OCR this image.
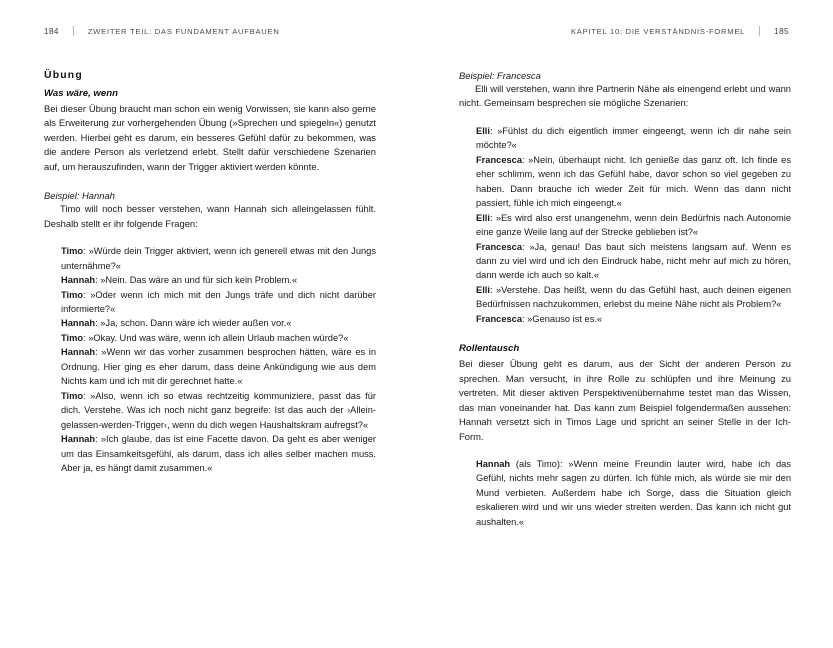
184	ZWEITER TEIL: DAS FUNDAMENT AUFBAUEN	KAPITEL 10: DIE VERSTÄNDNIS-FORMEL	185
Übung
Was wäre, wenn

Bei dieser Übung braucht man schon ein wenig Vorwissen, sie kann also gerne als Erweiterung zur vorhergehenden Übung (»Sprechen und spiegeln«) genutzt werden. Hierbei geht es darum, ein besseres Gefühl dafür zu bekommen, was die andere Person als verletzend erlebt. Stellt dafür verschiedene Szenarien auf, um herauszufinden, wann der Trigger aktiviert werden könnte.

Beispiel: Hannah

Timo will noch besser verstehen, wann Hannah sich alleingelassen fühlt. Deshalb stellt er ihr folgende Fragen:

Timo: »Würde dein Trigger aktiviert, wenn ich generell etwas mit den Jungs unternähme?«

Hannah: »Nein. Das wäre an und für sich kein Problem.«

Timo: »Oder wenn ich mich mit den Jungs träfe und dich nicht darüber informierte?«

Hannah: »Ja, schon. Dann wäre ich wieder außen vor.«

Timo: »Okay. Und was wäre, wenn ich allein Urlaub machen würde?«

Hannah: »Wenn wir das vorher zusammen besprochen hätten, wäre es in Ordnung. Hier ging es eher darum, dass deine Ankündigung wie aus dem Nichts kam und ich mit dir gerechnet hatte.«

Timo: »Also, wenn ich so etwas rechtzeitig kommuniziere, passt das für dich. Verstehe. Was ich noch nicht ganz begreife: Ist das auch der ›Allein-gelassen-werden-Trigger‹, wenn du dich wegen Haushaltskram aufregst?«

Hannah: »Ich glaube, das ist eine Facette davon. Da geht es aber weniger um das Einsamkeitsgefühl, als darum, dass ich alles selber machen muss. Aber ja, es hängt damit zusammen.«

Beispiel: Francesca

Elli will verstehen, wann ihre Partnerin Nähe als einengend erlebt und wann nicht. Gemeinsam besprechen sie mögliche Szenarien:

Elli: »Fühlst du dich eigentlich immer eingeengt, wenn ich dir nahe sein möchte?«

Francesca: »Nein, überhaupt nicht. Ich genieße das ganz oft. Ich finde es eher schlimm, wenn ich das Gefühl habe, davor schon so viel gegeben zu haben. Dann brauche ich wieder Zeit für mich. Wenn das dann nicht passiert, fühle ich mich eingeengt.«

Elli: »Es wird also erst unangenehm, wenn dein Bedürfnis nach Autonomie eine ganze Weile lang auf der Strecke geblieben ist?«

Francesca: »Ja, genau! Das baut sich meistens langsam auf. Wenn es dann zu viel wird und ich den Eindruck habe, nicht mehr auf mich zu hören, dann werde ich auch so kalt.«

Elli: »Verstehe. Das heißt, wenn du das Gefühl hast, auch deinen eigenen Bedürfnissen nachzukommen, erlebst du meine Nähe nicht als Problem?«

Francesca: »Genauso ist es.«

Rollentausch

Bei dieser Übung geht es darum, aus der Sicht der anderen Person zu sprechen. Man versucht, in ihre Rolle zu schlüpfen und ihre Meinung zu vertreten. Mit dieser aktiven Perspektivenübernahme testet man das Wissen, das man voneinander hat. Das kann zum Beispiel folgendermaßen aussehen: Hannah versetzt sich in Timos Lage und spricht an seiner Stelle in der Ich-Form.

Hannah (als Timo): »Wenn meine Freundin lauter wird, habe ich das Gefühl, nichts mehr sagen zu dürfen. Ich fühle mich, als würde sie mir den Mund verbieten. Außerdem habe ich Sorge, dass die Situation gleich eskalieren wird und wir uns wieder streiten werden. Das kann ich nicht gut aushalten.«
